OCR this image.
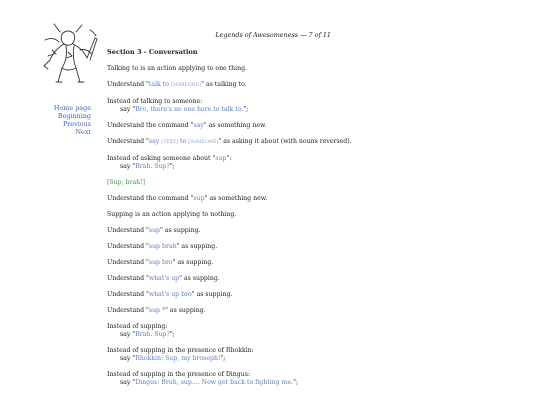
Legends of Awesomeness — 7 of 11
Home page
Beginning
Previous
Next
Section 3 - Conversation
Talking to is an action applying to one thing.
Understand "talk to [SOMEONE]" as talking to.
Instead of talking to someone:
say "Bro, there's no one here to talk to.";
Understand the command "say" as something new.
Understand "say [TEXT] to [SOMEONE]" as asking it about (with nouns reversed).
Instead of asking someone about "sup":
say "Brah. Sup?";
[Sup, brah!]
Understand the command "sup" as something new.
Supping is an action applying to nothing.
Understand "sup" as supping.
Understand "sup brah" as supping.
Understand "sup bro" as supping.
Understand "what's up" as supping.
Understand "what's up bro" as supping.
Understand "sup *" as supping.
Instead of supping:
say "Brah. Sup?";
Instead of supping in the presence of Rhokkin:
say "Rhokkin: Sup, my broseph!";
Instead of supping in the presence of Dingus:
say "Dingus: Bruh, sup.... Now get back to fighting me.";
